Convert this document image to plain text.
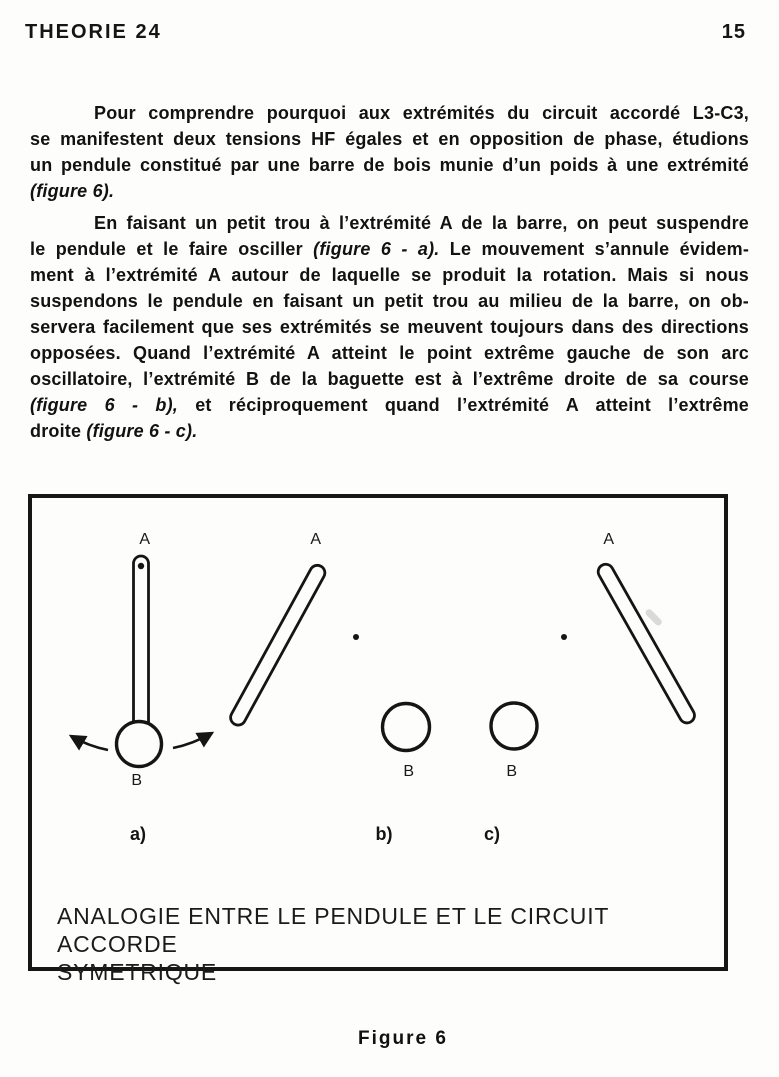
THEORIE 24	15
Pour comprendre pourquoi aux extrémités du circuit accordé L3-C3,
se manifestent deux tensions HF égales et en opposition de phase, étudions
un pendule constitué par une barre de bois munie d’un poids à une extrémité
(figure 6).
En faisant un petit trou à l’extrémité A de la barre, on peut suspendre
le pendule et le faire osciller (figure 6 - a). Le mouvement s’annule évidem-
ment à l’extrémité A autour de laquelle se produit la rotation. Mais si nous
suspendons le pendule en faisant un petit trou au milieu de la barre, on ob-
servera facilement que ses extrémités se meuvent toujours dans des directions
opposées. Quand l’extrémité A atteint le point extrême gauche de son arc
oscillatoire, l’extrémité B de la baguette est à l’extrême droite de sa course
(figure 6 - b), et réciproquement quand l’extrémité A atteint l’extrême
droite (figure 6 - c).
A	A	A
B
B	B
a)	b)	c)
ANALOGIE ENTRE LE PENDULE ET LE CIRCUIT ACCORDE
SYMETRIQUE
Figure 6
